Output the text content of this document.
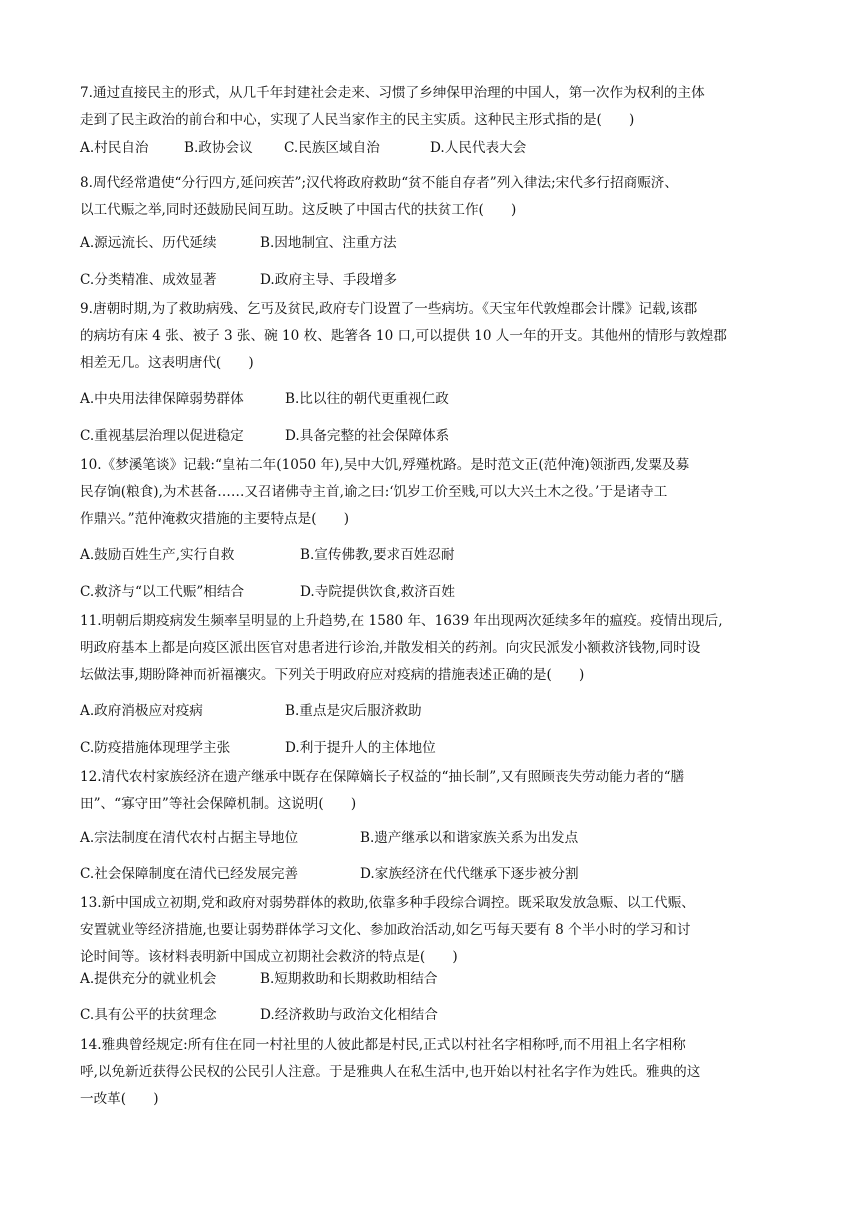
7.通过直接民主的形式，从几千年封建社会走来、习惯了乡绅保甲治理的中国人，第一次作为权利的主体

走到了民主政治的前台和中心，实现了人民当家作主的民主实质。这种民主形式指的是(　　)

A.村民自治	B.政协会议 C.民族区域自治	D.人民代表大会

8.周代经常遣使“分行四方,延问疾苦”;汉代将政府救助“贫不能自存者”列入律法;宋代多行招商赈济、

以工代赈之举,同时还鼓励民间互助。这反映了中国古代的扶贫工作(　　)

A.源远流长、历代延续	B.因地制宜、注重方法
C.分类精准、成效显著	D.政府主导、手段增多

9.唐朝时期,为了救助病残、乞丐及贫民,政府专门设置了一些病坊。《天宝年代敦煌郡会计牒》记载,该郡

的病坊有床 4 张、被子 3 张、碗 10 枚、匙箸各 10 口,可以提供 10 人一年的开支。其他州的情形与敦煌郡

相差无几。这表明唐代(　　)

A.中央用法律保障弱势群体	B.比以往的朝代更重视仁政
C.重视基层治理以促进稳定	D.具备完整的社会保障体系

10.《梦溪笔谈》记载:“皇祐二年(1050 年),吴中大饥,殍殣枕路。是时范文正(范仲淹)领浙西,发粟及募

民存饷(粮食),为术甚备……又召诸佛寺主首,谕之曰:‘饥岁工价至贱,可以大兴土木之役。’于是诸寺工

作鼎兴。”范仲淹救灾措施的主要特点是(　　)

A.鼓励百姓生产,实行自救	B.宣传佛教,要求百姓忍耐
C.救济与“以工代赈”相结合	D.寺院提供饮食,救济百姓

11.明朝后期疫病发生频率呈明显的上升趋势,在 1580 年、1639 年出现两次延续多年的瘟疫。疫情出现后,

明政府基本上都是向疫区派出医官对患者进行诊治,并散发相关的药剂。向灾民派发小额救济钱物,同时设

坛做法事,期盼降神而祈福禳灾。下列关于明政府应对疫病的措施表述正确的是(　　)

A.政府消极应对疫病	B.重点是灾后服济救助
C.防疫措施体现理学主张	D.利于提升人的主体地位

12.清代农村家族经济在遗产继承中既存在保障嫡长子权益的“抽长制”,又有照顾丧失劳动能力者的“膳

田”、“寡守田”等社会保障机制。这说明(　　)

A.宗法制度在清代农村占据主导地位	B.遗产继承以和谐家族关系为出发点
C.社会保障制度在清代已经发展完善	D.家族经济在代代继承下逐步被分割

13.新中国成立初期,党和政府对弱势群体的救助,依靠多种手段综合调控。既采取发放急赈、以工代赈、

安置就业等经济措施,也要让弱势群体学习文化、参加政治活动,如乞丐每天要有 8 个半小时的学习和讨

论时间等。该材料表明新中国成立初期社会救济的特点是(　　)

A.提供充分的就业机会	B.短期救助和长期救助相结合
C.具有公平的扶贫理念	D.经济救助与政治文化相结合

14.雅典曾经规定:所有住在同一村社里的人彼此都是村民,正式以村社名字相称呼,而不用祖上名字相称

呼,以免新近获得公民权的公民引人注意。于是雅典人在私生活中,也开始以村社名字作为姓氏。雅典的这

一改革(　　)
